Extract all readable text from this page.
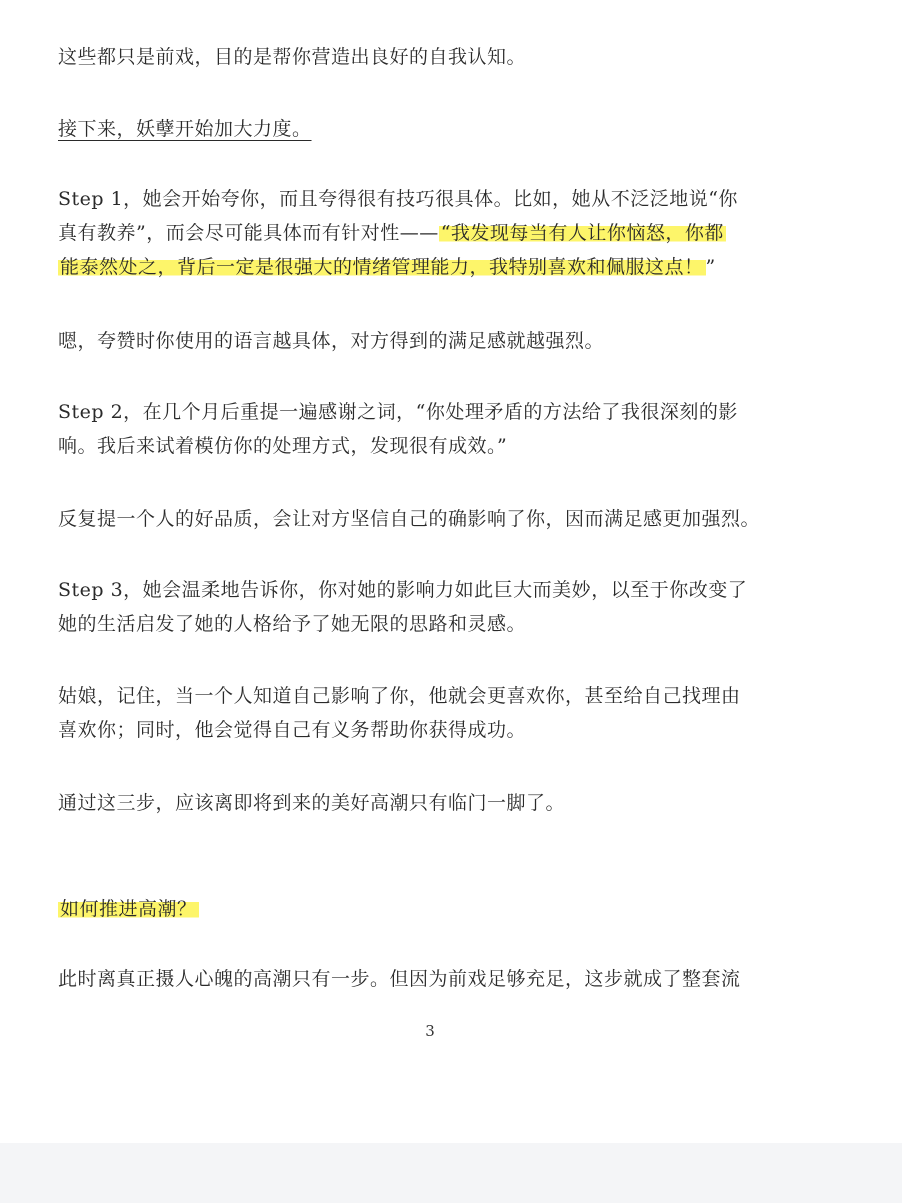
这些都只是前戏，目的是帮你营造出良好的自我认知。

接下来，妖孽开始加大力度。

Step 1，她会开始夸你，而且夸得很有技巧很具体。比如，她从不泛泛地说“你
真有教养”，而会尽可能具体而有针对性—— “我发现每当有人让你恼怒，你都
能泰然处之，背后一定是很强大的情绪管理能力，我特别喜欢和佩服这点！ ”

嗯，夸赞时你使用的语言越具体，对方得到的满足感就越强烈。

Step 2，在几个月后重提一遍感谢之词，“你处理矛盾的方法给了我很深刻的影
响。我后来试着模仿你的处理方式，发现很有成效。”

反复提一个人的好品质，会让对方坚信自己的确影响了你，因而满足感更加强烈。

Step 3，她会温柔地告诉你，你对她的影响力如此巨大而美妙，以至于你改变了
她的生活启发了她的人格给予了她无限的思路和灵感。

姑娘，记住，当一个人知道自己影响了你，他就会更喜欢你，甚至给自己找理由
喜欢你；同时，他会觉得自己有义务帮助你获得成功。

通过这三步，应该离即将到来的美好高潮只有临门一脚了。

如何推进高潮？

此时离真正摄人心魄的高潮只有一步。但因为前戏足够充足，这步就成了整套流

3
